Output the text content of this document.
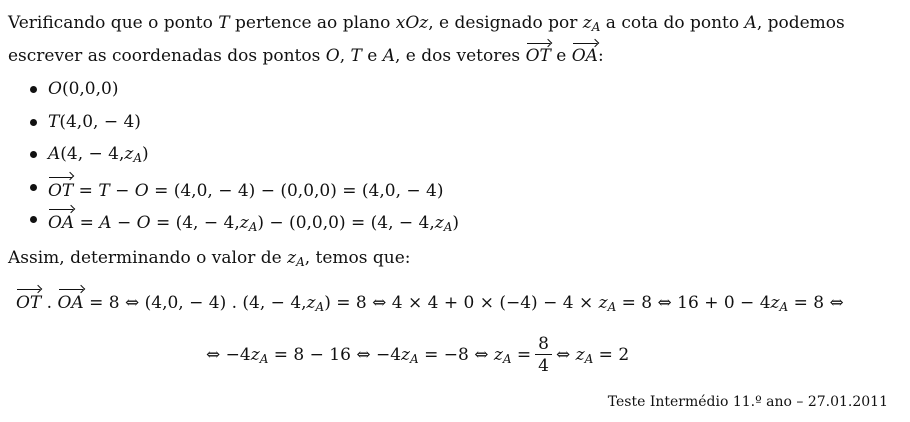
Verificando que o ponto T pertence ao plano xOz, e designado por $z_A$ a cota do ponto A, podemos escrever as coordenadas dos pontos O, T e A, e dos vetores OT e OA:
O(0,0,0)
T(4,0, − 4)
A(4, − $4,z_A$)
OT = T − O = (4,0, − 4) − (0,0,0) = (4,0, − 4)
OA = A − O = (4, − $4,z_A) - (0,0,0) = (4$, − $4,z_A$)
Assim, determinando o valor de $z_A$, temos que:
OT . OA = 8 ⇔ (4,0, − 4) . (4, − $4,z_A) = 8$ ⇔ $4 \times 4 + 0 \times (-4) - 4 \times z_A = 8$ ⇔ $16 + 0 - 4z_A = 8$ ⇔
⇔ $-4z_A = 8 - 16$ ⇔ $-4z_A = -8$ ⇔ $z_A = \frac{8}{4}$ ⇔ $z_A = 2$
Teste Intermédio 11.º ano – 27.01.2011
